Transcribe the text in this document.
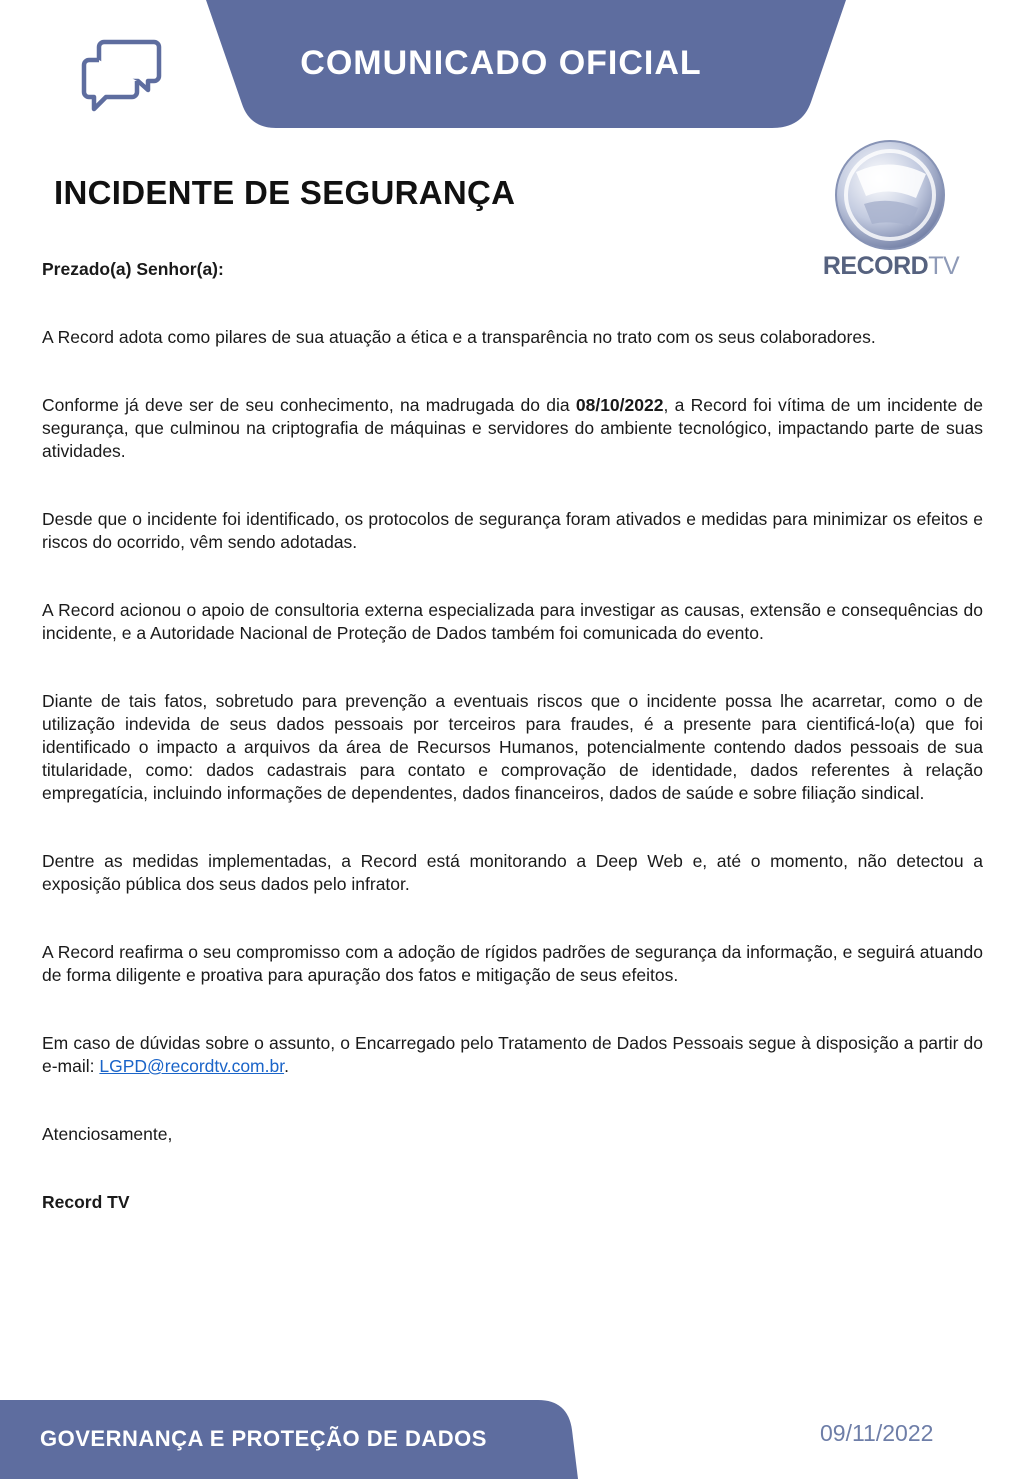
COMUNICADO OFICIAL
RECORDTV
INCIDENTE DE SEGURANÇA

Prezado(a) Senhor(a):

A Record adota como pilares de sua atuação a ética e a transparência no trato com os seus colaboradores.

Conforme já deve ser de seu conhecimento, na madrugada do dia 08/10/2022, a Record foi vítima de um incidente de segurança, que culminou na criptografia de máquinas e servidores do ambiente tecnológico, impactando parte de suas atividades.

Desde que o incidente foi identificado, os protocolos de segurança foram ativados e medidas para minimizar os efeitos e riscos do ocorrido, vêm sendo adotadas.

A Record acionou o apoio de consultoria externa especializada para investigar as causas, extensão e consequências do incidente, e a Autoridade Nacional de Proteção de Dados também foi comunicada do evento.

Diante de tais fatos, sobretudo para prevenção a eventuais riscos que o incidente possa lhe acarretar, como o de utilização indevida de seus dados pessoais por terceiros para fraudes, é a presente para cientificá-lo(a) que foi identificado o impacto a arquivos da área de Recursos Humanos, potencialmente contendo dados pessoais de sua titularidade, como: dados cadastrais para contato e comprovação de identidade, dados referentes à relação empregatícia, incluindo informações de dependentes, dados financeiros, dados de saúde e sobre filiação sindical.

Dentre as medidas implementadas, a Record está monitorando a Deep Web e, até o momento, não detectou a exposição pública dos seus dados pelo infrator.

A Record reafirma o seu compromisso com a adoção de rígidos padrões de segurança da informação, e seguirá atuando de forma diligente e proativa para apuração dos fatos e mitigação de seus efeitos.

Em caso de dúvidas sobre o assunto, o Encarregado pelo Tratamento de Dados Pessoais segue à disposição a partir do e-mail: LGPD@recordtv.com.br.

Atenciosamente,

Record TV

GOVERNANÇA E PROTEÇÃO DE DADOS	09/11/2022
